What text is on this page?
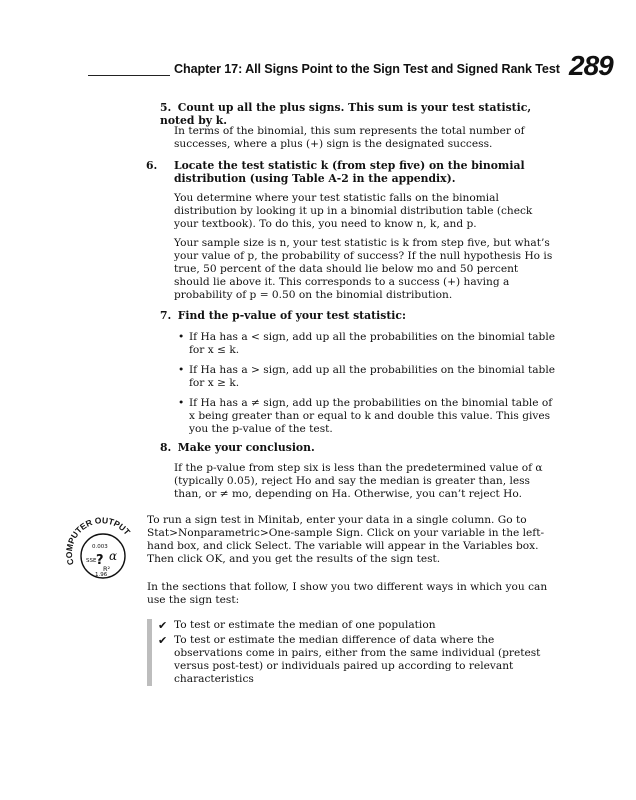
Chapter 17: All Signs Point to the Sign Test and Signed Rank Test 289
5. Count up all the plus signs. This sum is your test statistic, noted by k.
In terms of the binomial, this sum represents the total number of successes, where a plus (+) sign is the designated success.
6. Locate the test statistic k (from step five) on the binomial distribution (using Table A-2 in the appendix).
You determine where your test statistic falls on the binomial distribution by looking it up in a binomial distribution table (check your textbook). To do this, you need to know n, k, and p.
Your sample size is n, your test statistic is k from step five, but what’s your value of p, the probability of success? If the null hypothesis Ho is true, 50 percent of the data should lie below mo and 50 percent should lie above it. This corresponds to a success (+) having a probability of p = 0.50 on the binomial distribution.
7. Find the p-value of your test statistic:
• If Ha has a < sign, add up all the probabilities on the binomial table for x ≤ k.
• If Ha has a > sign, add up all the probabilities on the binomial table for x ≥ k.
• If Ha has a ≠ sign, add up the probabilities on the binomial table of x being greater than or equal to k and double this value. This gives you the p-value of the test.
8. Make your conclusion.
If the p-value from step six is less than the predetermined value of α (typically 0.05), reject Ho and say the median is greater than, less than, or ≠ mo, depending on Ha. Otherwise, you can’t reject Ho.
COMPUTER OUTPUT
0.003
α
SSE
R²
1.96
?
To run a sign test in Minitab, enter your data in a single column. Go to Stat>Nonparametric>One-sample Sign. Click on your variable in the left-hand box, and click Select. The variable will appear in the Variables box. Then click OK, and you get the results of the sign test.
In the sections that follow, I show you two different ways in which you can use the sign test:
✔ To test or estimate the median of one population
✔ To test or estimate the median difference of data where the observations come in pairs, either from the same individual (pretest versus post-test) or individuals paired up according to relevant characteristics
